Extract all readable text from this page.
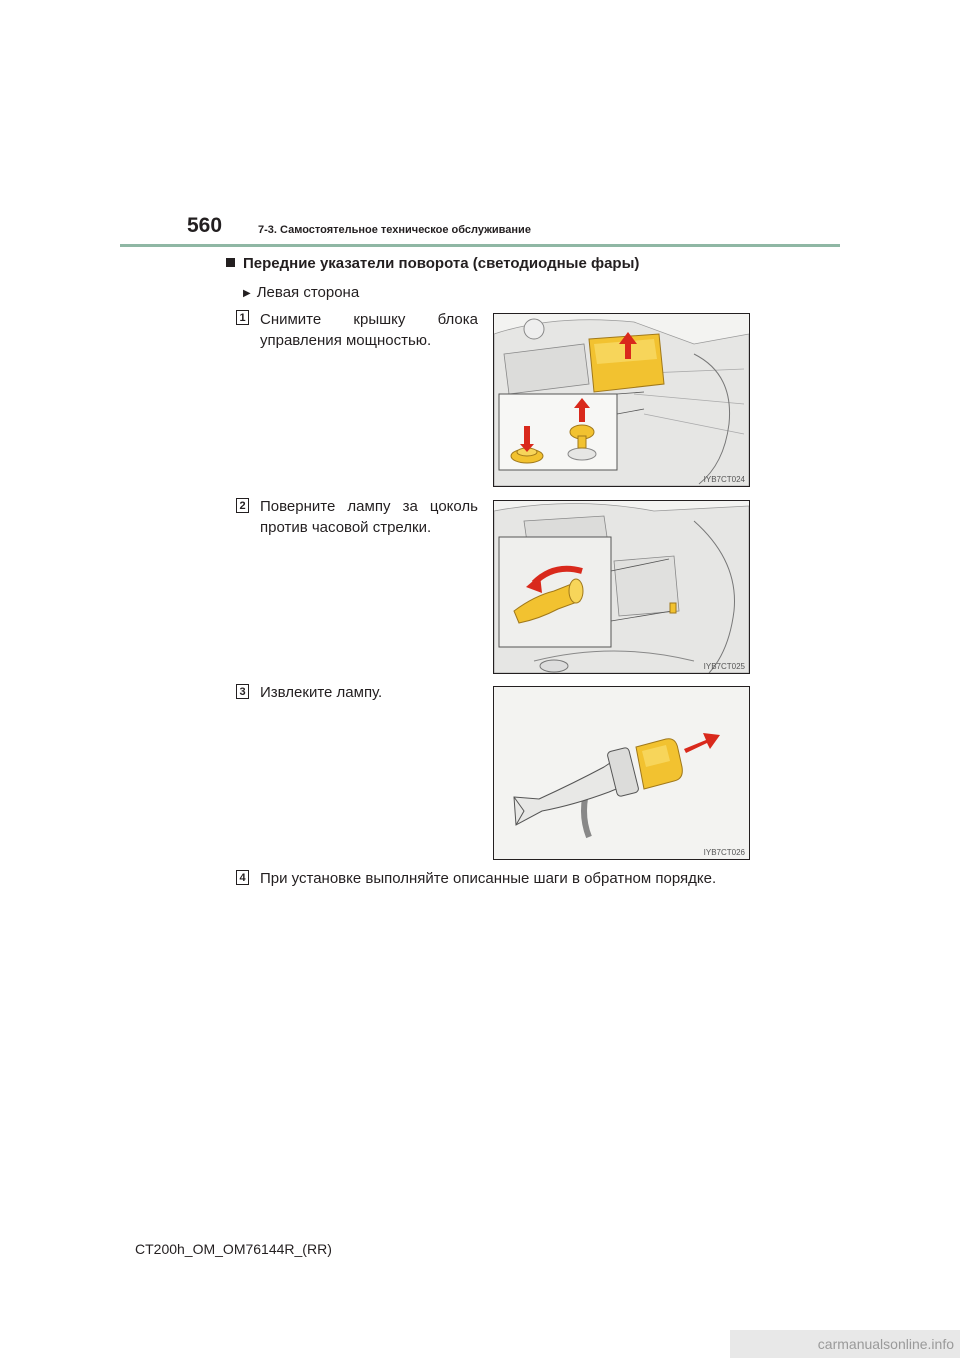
560	7-3. Самостоятельное техническое обслуживание
Передние указатели поворота (светодиодные фары)
▶ Левая сторона
1 Снимите крышку блока управления мощностью.
IYB7CT024
2 Поверните лампу за цоколь против часовой стрелки.
IYB7CT025
3 Извлеките лампу.
IYB7CT026
4 При установке выполняйте описанные шаги в обратном порядке.
CT200h_OM_OM76144R_(RR)
carmanualsonline.info
